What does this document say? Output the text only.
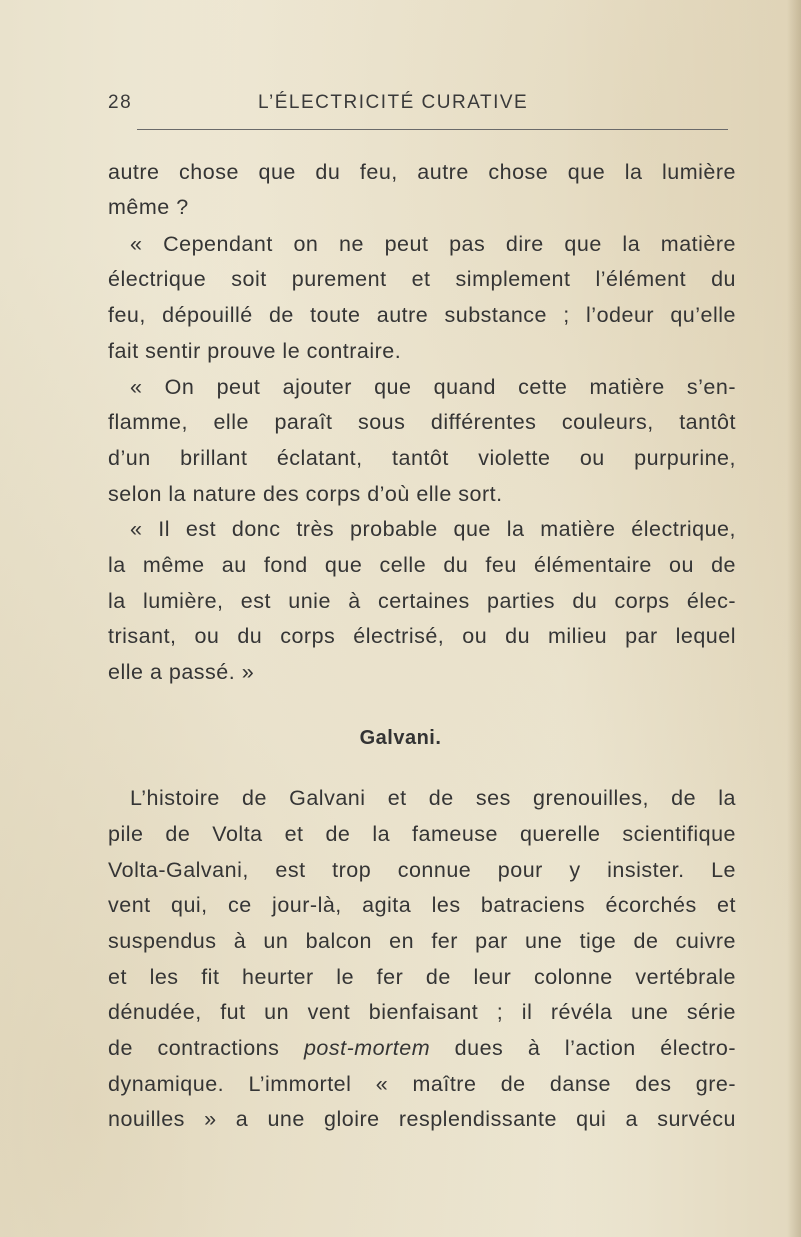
28	L’ÉLECTRICITÉ CURATIVE
autre chose que du feu, autre chose que la lumière
même ?
« Cependant on ne peut pas dire que la matière
électrique soit purement et simplement l’élément du
feu, dépouillé de toute autre substance ; l’odeur qu’elle
fait sentir prouve le contraire.
« On peut ajouter que quand cette matière s’en-
flamme, elle paraît sous différentes couleurs, tantôt
d’un brillant éclatant, tantôt violette ou purpurine,
selon la nature des corps d’où elle sort.
« Il est donc très probable que la matière électrique,
la même au fond que celle du feu élémentaire ou de
la lumière, est unie à certaines parties du corps élec-
trisant, ou du corps électrisé, ou du milieu par lequel
elle a passé. »
Galvani.
L’histoire de Galvani et de ses grenouilles, de la
pile de Volta et de la fameuse querelle scientifique
Volta-Galvani, est trop connue pour y insister. Le
vent qui, ce jour-là, agita les batraciens écorchés et
suspendus à un balcon en fer par une tige de cuivre
et les fit heurter le fer de leur colonne vertébrale
dénudée, fut un vent bienfaisant ; il révéla une série
de contractions post-mortem dues à l’action électro-
dynamique. L’immortel « maître de danse des gre-
nouilles » a une gloire resplendissante qui a survécu
